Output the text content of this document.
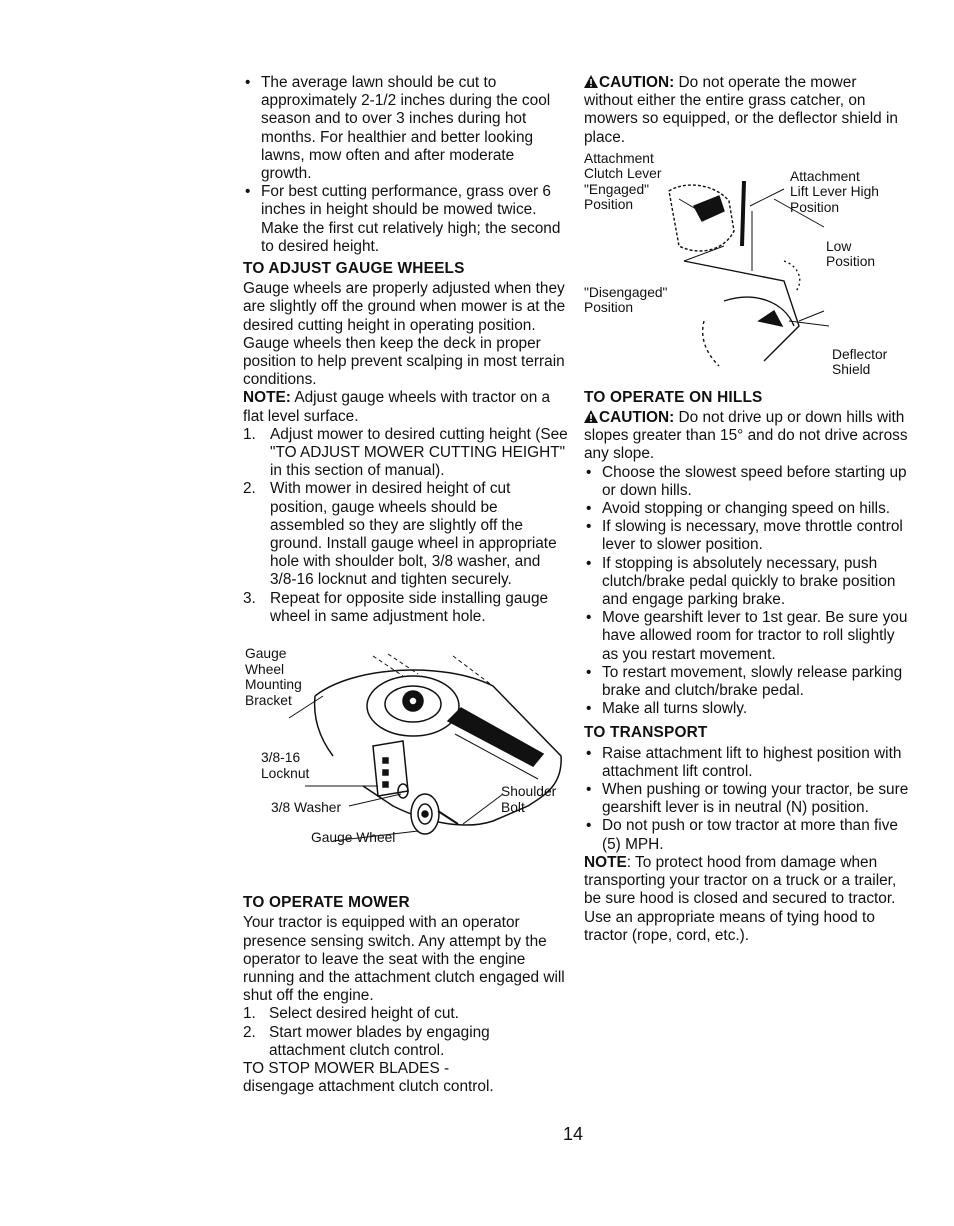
• The average lawn should be cut to approximately 2-1/2 inches during the cool season and to over 3 inches during hot months. For healthier and better looking lawns, mow often and after moderate growth.

• For best cutting performance, grass over 6 inches in height should be mowed twice. Make the first cut relatively high; the second to desired height.

TO ADJUST GAUGE WHEELS

Gauge wheels are properly adjusted when they are slightly off the ground when mower is at the desired cutting height in operating position. Gauge wheels then keep the deck in proper position to help prevent scalping in most terrain conditions.

NOTE: Adjust gauge wheels with tractor on a flat level surface.

1. Adjust mower to desired cutting height (See "TO ADJUST MOWER CUTTING HEIGHT" in this section of manual).

2. With mower in desired height of cut position, gauge wheels should be assembled so they are slightly off the ground. Install gauge wheel in appropriate hole with shoulder bolt, 3/8 washer, and 3/8-16 locknut and tighten securely.

3. Repeat for opposite side installing gauge wheel in same adjustment hole.

Gauge
Wheel
Mounting
Bracket
3/8-16
Locknut
3/8 Washer
Shoulder
Bolt
Gauge Wheel
TO OPERATE MOWER

Your tractor is equipped with an operator presence sensing switch. Any attempt by the operator to leave the seat with the engine running and the attachment clutch engaged will shut off the engine.

1. Select desired height of cut.

2. Start mower blades by engaging attachment clutch control.

TO STOP MOWER BLADES -

disengage attachment clutch control.

CAUTION: Do not operate the mower without either the entire grass catcher, on mowers so equipped, or the deflector shield in place.

Attachment
Clutch Lever
"Engaged"
Position
Attachment
Lift Lever High
Position
Low
Position
"Disengaged"
Position
Deflector
Shield
TO OPERATE ON HILLS

CAUTION: Do not drive up or down hills with slopes greater than 15° and do not drive across any slope.

• Choose the slowest speed before starting up or down hills.

• Avoid stopping or changing speed on hills.

• If slowing is necessary, move throttle control lever to slower position.

• If stopping is absolutely necessary, push clutch/brake pedal quickly to brake position and engage parking brake.

• Move gearshift lever to 1st gear. Be sure you have allowed room for tractor to roll slightly as you restart movement.

• To restart movement, slowly release parking brake and clutch/brake pedal.

• Make all turns slowly.

TO TRANSPORT

• Raise attachment lift to highest position with attachment lift control.

• When pushing or towing your tractor, be sure gearshift lever is in neutral (N) position.

• Do not push or tow tractor at more than five (5) MPH.

NOTE: To protect hood from damage when transporting your tractor on a truck or a trailer, be sure hood is closed and secured to tractor. Use an appropriate means of tying hood to tractor (rope, cord, etc.).

14
